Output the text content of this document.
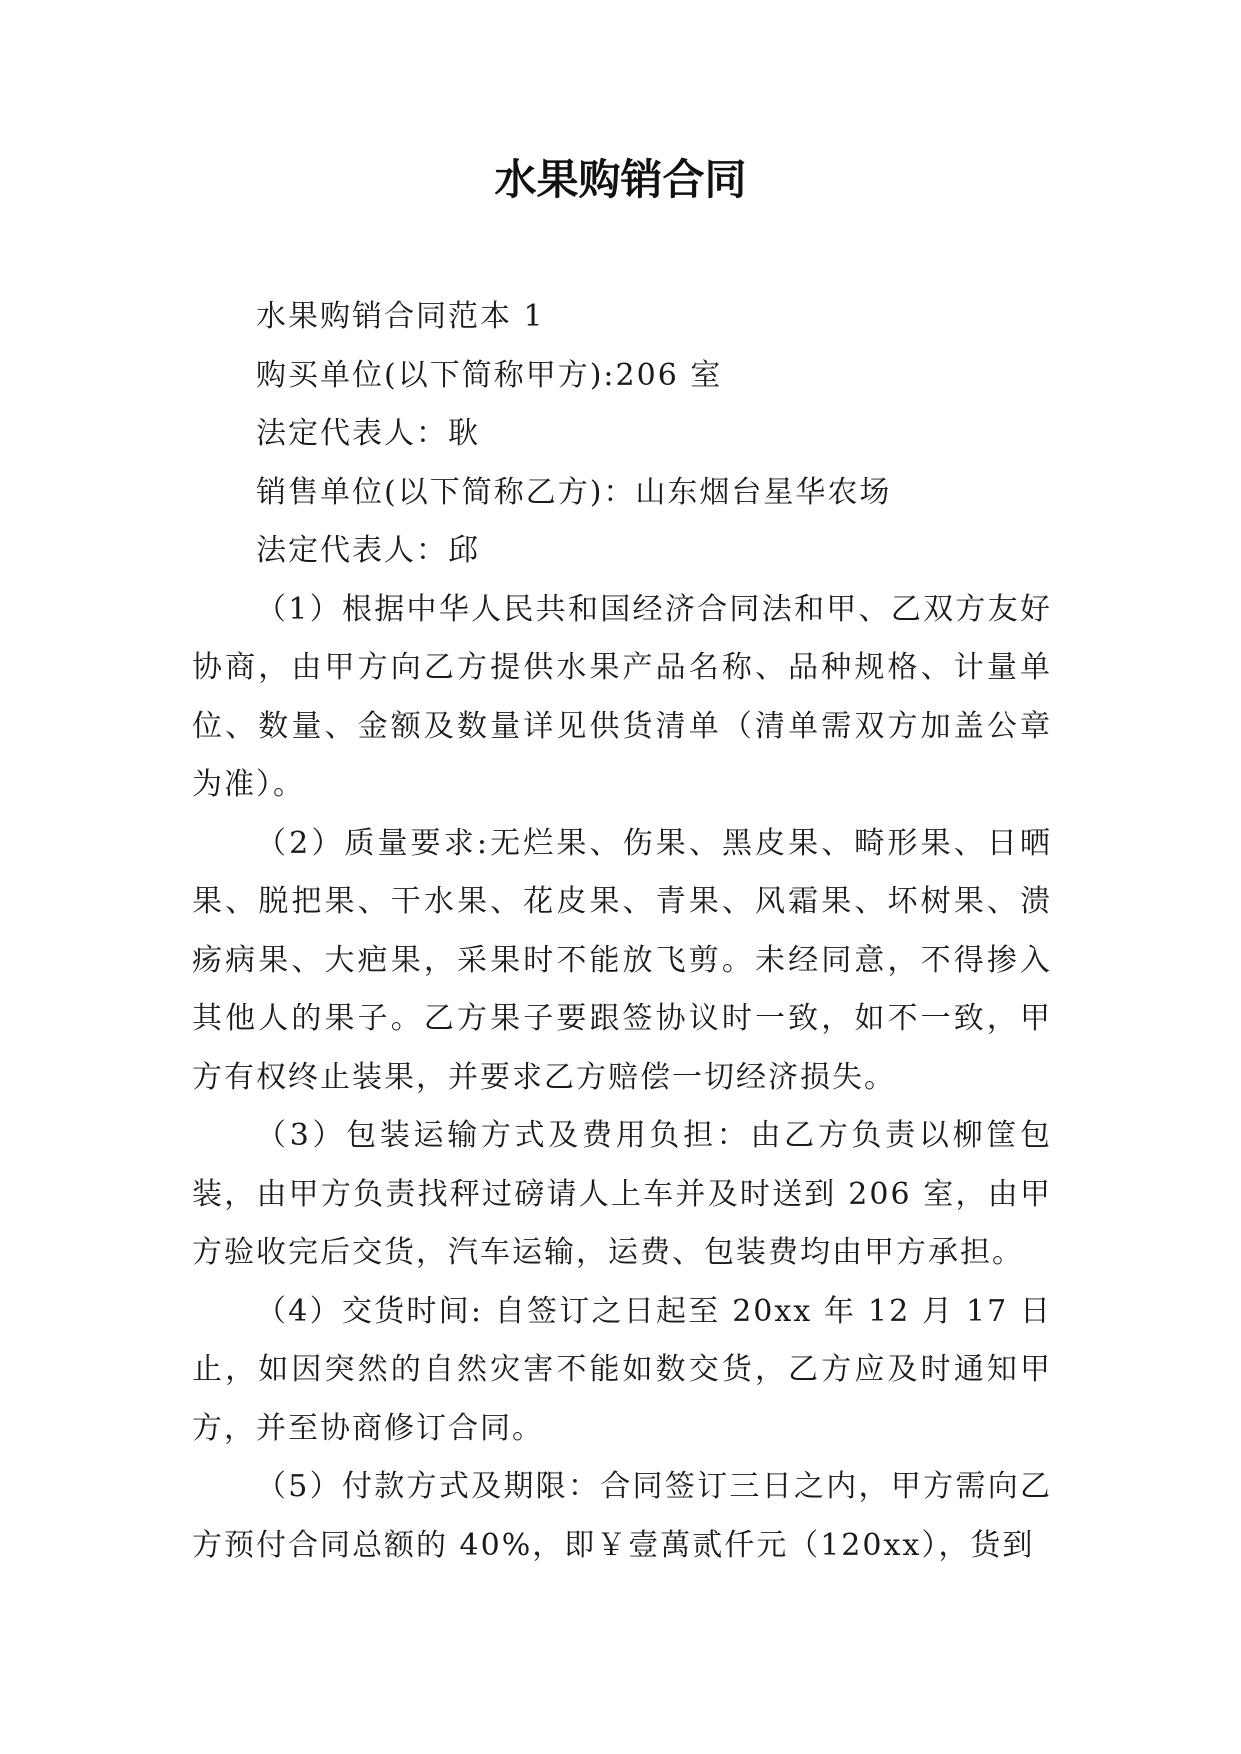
水果购销合同

水果购销合同范本 1

购买单位(以下简称甲方):206 室

法定代表人：耿

销售单位(以下简称乙方)：山东烟台星华农场

法定代表人：邱

（1）根据中华人民共和国经济合同法和甲、乙双方友好协商，由甲方向乙方提供水果产品名称、品种规格、计量单位、数量、金额及数量详见供货清单（清单需双方加盖公章为准）。

（2）质量要求:无烂果、伤果、黑皮果、畸形果、日晒果、脱把果、干水果、花皮果、青果、风霜果、坏树果、溃疡病果、大疤果，采果时不能放飞剪。未经同意，不得掺入其他人的果子。乙方果子要跟签协议时一致，如不一致，甲方有权终止装果，并要求乙方赔偿一切经济损失。

（3）包装运输方式及费用负担：由乙方负责以柳筐包装，由甲方负责找秤过磅请人上车并及时送到 206 室，由甲方验收完后交货，汽车运输，运费、包装费均由甲方承担。

（4）交货时间: 自签订之日起至 20xx 年 12 月 17 日止，如因突然的自然灾害不能如数交货，乙方应及时通知甲方，并至协商修订合同。

（5）付款方式及期限：合同签订三日之内，甲方需向乙方预付合同总额的 40%，即￥壹萬贰仟元（120xx），货到
